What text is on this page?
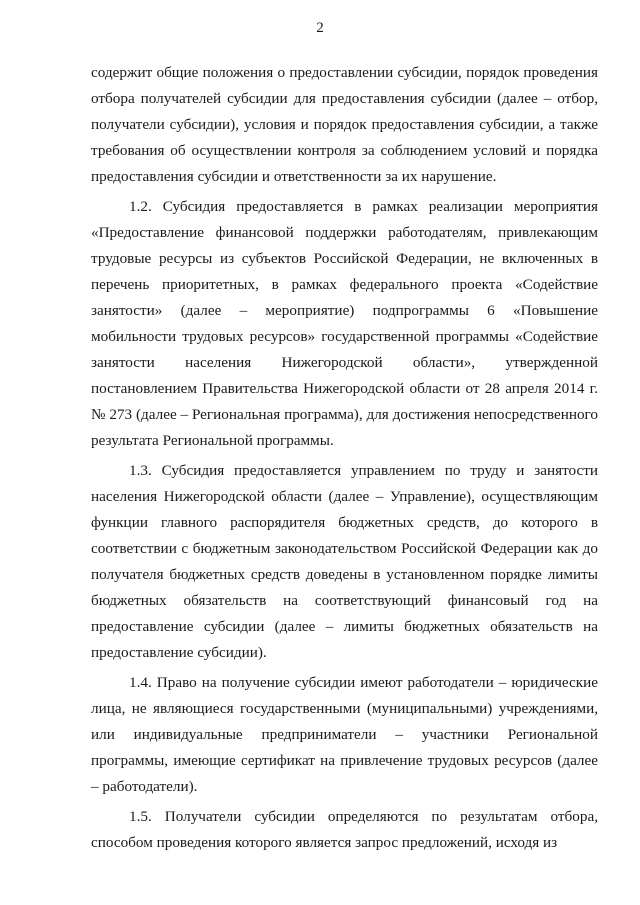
2

содержит общие положения о предоставлении субсидии, порядок проведения отбора получателей субсидии для предоставления субсидии (далее – отбор, получатели субсидии), условия и порядок предоставления субсидии, а также требования об осуществлении контроля за соблюдением условий и порядка предоставления субсидии и ответственности за их нарушение.

1.2. Субсидия предоставляется в рамках реализации мероприятия «Предоставление финансовой поддержки работодателям, привлекающим трудовые ресурсы из субъектов Российской Федерации, не включенных в перечень приоритетных, в рамках федерального проекта «Содействие занятости» (далее – мероприятие) подпрограммы 6 «Повышение мобильности трудовых ресурсов» государственной программы «Содействие занятости населения Нижегородской области», утвержденной постановлением Правительства Нижегородской области от 28 апреля 2014 г. № 273 (далее – Региональная программа), для достижения непосредственного результата Региональной программы.

1.3. Субсидия предоставляется управлением по труду и занятости населения Нижегородской области (далее – Управление), осуществляющим функции главного распорядителя бюджетных средств, до которого в соответствии с бюджетным законодательством Российской Федерации как до получателя бюджетных средств доведены в установленном порядке лимиты бюджетных обязательств на соответствующий финансовый год на предоставление субсидии (далее – лимиты бюджетных обязательств на предоставление субсидии).

1.4. Право на получение субсидии имеют работодатели – юридические лица, не являющиеся государственными (муниципальными) учреждениями, или индивидуальные предприниматели – участники Региональной программы, имеющие сертификат на привлечение трудовых ресурсов (далее – работодатели).

1.5. Получатели субсидии определяются по результатам отбора, способом проведения которого является запрос предложений, исходя из
